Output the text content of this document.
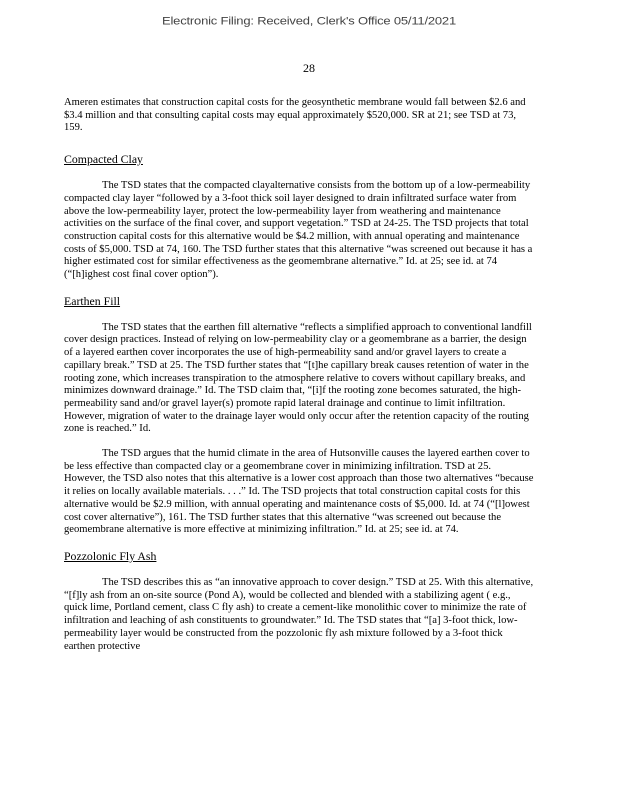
Electronic Filing: Received, Clerk's Office 05/11/2021
28

Ameren estimates that construction capital costs for the geosynthetic membrane would fall between $2.6 and $3.4 million and that consulting capital costs may equal approximately $520,000. SR at 21; see TSD at 73, 159.

Compacted Clay

The TSD states that the compacted clayalternative consists from the bottom up of a low-permeability compacted clay layer “followed by a 3-foot thick soil layer designed to drain infiltrated surface water from above the low-permeability layer, protect the low-permeability layer from weathering and maintenance activities on the surface of the final cover, and support vegetation.” TSD at 24-25. The TSD projects that total construction capital costs for this alternative would be $4.2 million, with annual operating and maintenance costs of $5,000. TSD at 74, 160. The TSD further states that this alternative “was screened out because it has a higher estimated cost for similar effectiveness as the geomembrane alternative.” Id. at 25; see id. at 74 (“[h]ighest cost final cover option”).

Earthen Fill

The TSD states that the earthen fill alternative “reflects a simplified approach to conventional landfill cover design practices. Instead of relying on low-permeability clay or a geomembrane as a barrier, the design of a layered earthen cover incorporates the use of high-permeability sand and/or gravel layers to create a capillary break.” TSD at 25. The TSD further states that “[t]he capillary break causes retention of water in the rooting zone, which increases transpiration to the atmosphere relative to covers without capillary breaks, and minimizes downward drainage.” Id. The TSD claim that, “[i]f the rooting zone becomes saturated, the high-permeability sand and/or gravel layer(s) promote rapid lateral drainage and continue to limit infiltration. However, migration of water to the drainage layer would only occur after the retention capacity of the routing zone is reached.” Id.

The TSD argues that the humid climate in the area of Hutsonville causes the layered earthen cover to be less effective than compacted clay or a geomembrane cover in minimizing infiltration. TSD at 25. However, the TSD also notes that this alternative is a lower cost approach than those two alternatives “because it relies on locally available materials. . . .” Id. The TSD projects that total construction capital costs for this alternative would be $2.9 million, with annual operating and maintenance costs of $5,000. Id. at 74 (“[l]owest cost cover alternative”), 161. The TSD further states that this alternative “was screened out because the geomembrane alternative is more effective at minimizing infiltration.” Id. at 25; see id. at 74.

Pozzolonic Fly Ash

The TSD describes this as “an innovative approach to cover design.” TSD at 25. With this alternative, “[f]ly ash from an on-site source (Pond A), would be collected and blended with a stabilizing agent ( e.g., quick lime, Portland cement, class C fly ash) to create a cement-like monolithic cover to minimize the rate of infiltration and leaching of ash constituents to groundwater.” Id. The TSD states that “[a] 3-foot thick, low-permeability layer would be constructed from the pozzolonic fly ash mixture followed by a 3-foot thick earthen protective
